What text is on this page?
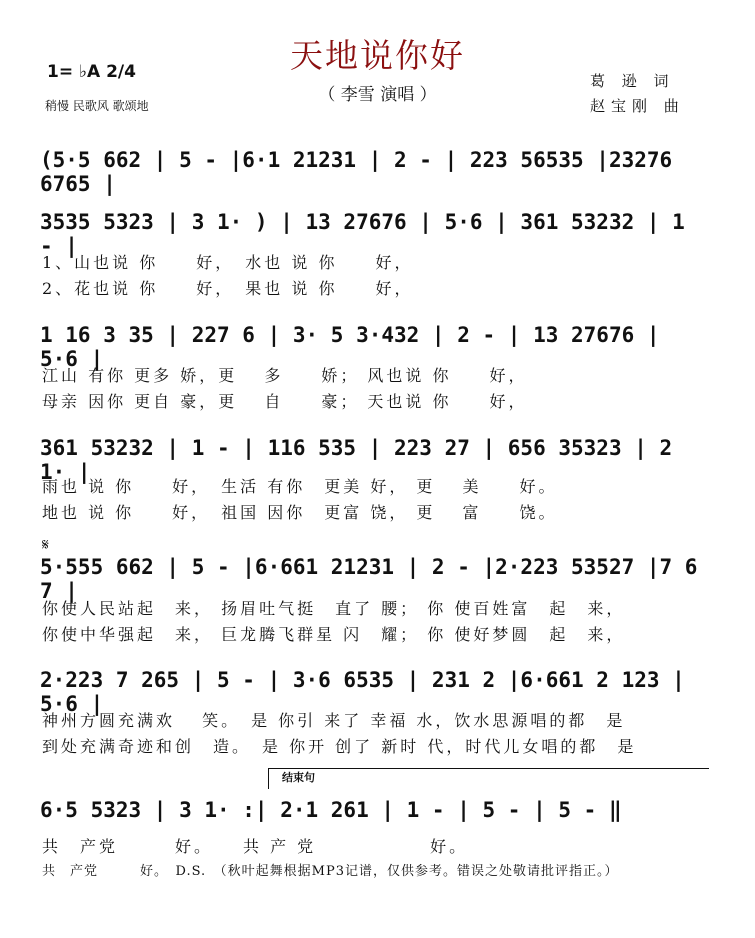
天地说你好
（ 李雪 演唱 ）
1= ♭A 2/4
稍慢 民歌风 歌颂地
葛 逊 词
赵宝刚 曲
(5·5 662 | 5 - |6·1 21231 | 2 - | 223 56535 |23276 6765 |
3535 5323 | 3 1· ) | 13 27676 | 5·6 | 361 53232 | 1 - |
1、山也说 你　　好，　水也 说 你　　好，
2、花也说 你　　好，　果也 说 你　　好，
1 16 3 35 | 227 6 | 3· 5 3·432 | 2 - | 13 27676 | 5·6 |
江山 有你 更多 娇，更　 多　　娇； 风也说 你　　好，
母亲 因你 更自 豪，更　 自　　豪； 天也说 你　　好，
361 53232 | 1 - | 116 535 | 223 27 | 656 35323 | 2 1· |
雨也 说 你　　好，　生活 有你　更美 好， 更　 美　　好。
地也 说 你　　好，　祖国 因你　更富 饶， 更　 富　　饶。
𝄋
5·555 662 | 5 - |6·661 21231 | 2 - |2·223 53527 |7 6 7 |
你使人民站起　来， 扬眉吐气挺　直了 腰； 你 使百姓富　起　来，
你使中华强起　来， 巨龙腾飞群星 闪　耀； 你 使好梦圆　起　来，
2·223 7 265 | 5 - | 3·6 6535 | 231 2 |6·661 2 123 | 5·6 |
神州方圆充满欢　 笑。　是 你引 来了 幸福 水，饮水思源唱的都　是
到处充满奇迹和创　造。　是 你开 创了 新时 代，时代儿女唱的都　是
结束句
6·5 5323 | 3 1· :| 2·1 261 | 1 - | 5 - | 5 - ‖
共　产党　　　好。　　共 产 党　　　　　　好。
共　产党　　　好。　D.S.　（秋叶起舞根据MP3记谱，仅供参考。错误之处敬请批评指正。）
